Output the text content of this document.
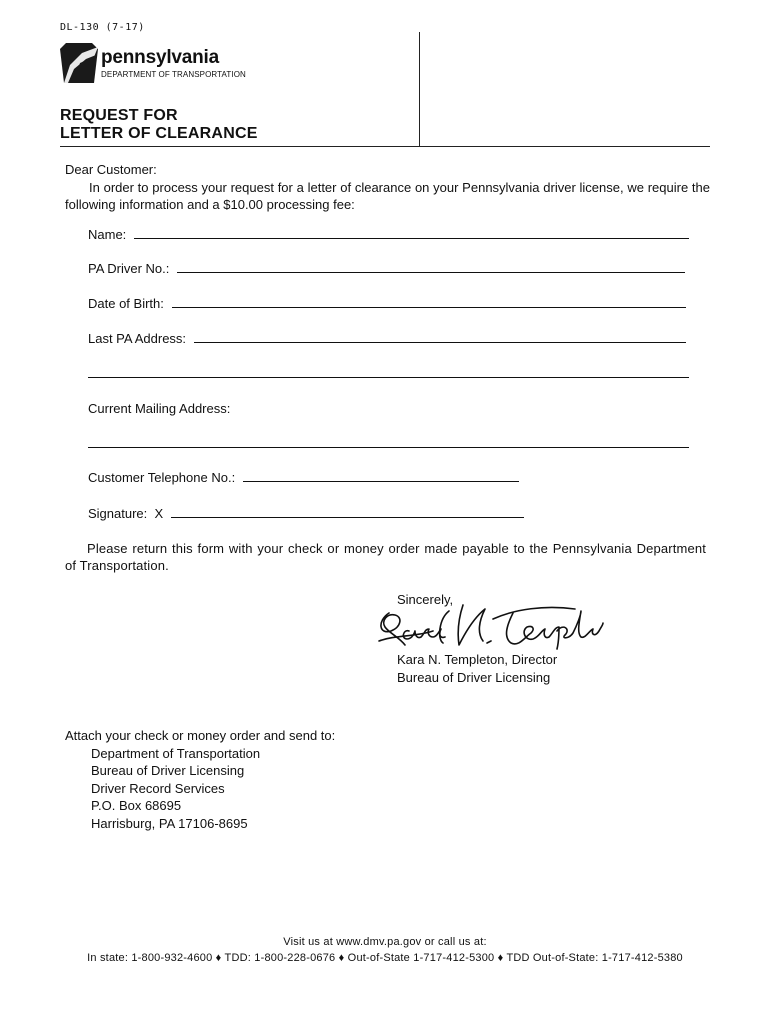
DL-130 (7-17)
pennsylvania
DEPARTMENT OF TRANSPORTATION
REQUEST FOR
LETTER OF CLEARANCE
Dear Customer:
In order to process your request for a letter of clearance on your Pennsylvania driver license, we require the following information and a $10.00 processing fee:
Name:
PA Driver No.:
Date of Birth:
Last PA Address:
Current Mailing Address:
Customer Telephone No.:
Signature:  X
Please return this form with your check or money order made payable to the Pennsylvania Department of Transportation.
Sincerely,
Kara N. Templeton, Director
Bureau of Driver Licensing
Attach your check or money order and send to:
Department of Transportation
Bureau of Driver Licensing
Driver Record Services
P.O. Box 68695
Harrisburg, PA 17106-8695
Visit us at www.dmv.pa.gov or call us at:
In state: 1-800-932-4600 ♦ TDD: 1-800-228-0676 ♦ Out-of-State 1-717-412-5300 ♦ TDD Out-of-State: 1-717-412-5380
